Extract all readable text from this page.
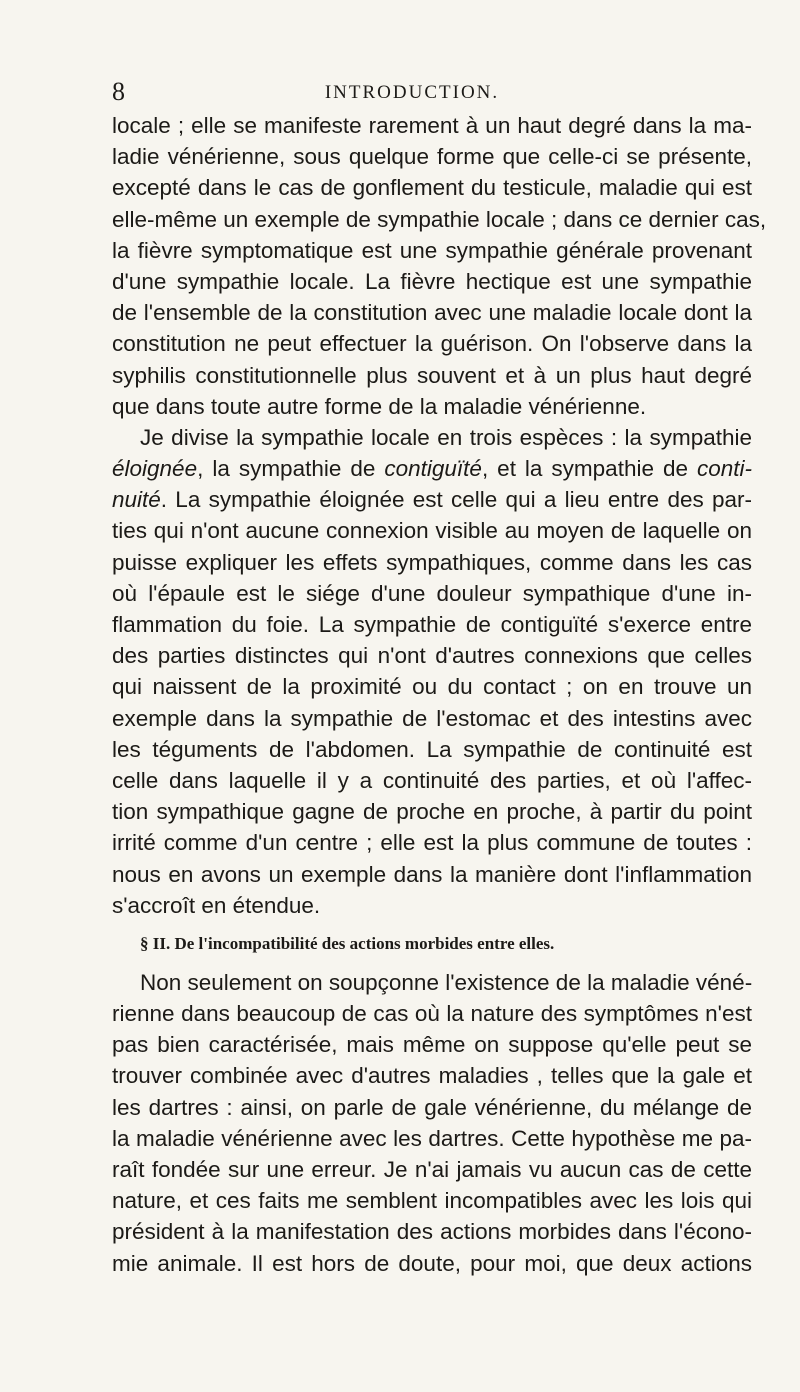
8	INTRODUCTION.
locale ; elle se manifeste rarement à un haut degré dans la ma-
ladie vénérienne, sous quelque forme que celle-ci se présente,
excepté dans le cas de gonflement du testicule, maladie qui est
elle-même un exemple de sympathie locale ; dans ce dernier cas,
la fièvre symptomatique est une sympathie générale provenant
d'une sympathie locale. La fièvre hectique est une sympathie
de l'ensemble de la constitution avec une maladie locale dont la
constitution ne peut effectuer la guérison. On l'observe dans la
syphilis constitutionnelle plus souvent et à un plus haut degré
que dans toute autre forme de la maladie vénérienne.
Je divise la sympathie locale en trois espèces : la sympathie
éloignée, la sympathie de contiguïté, et la sympathie de conti-
nuité. La sympathie éloignée est celle qui a lieu entre des par-
ties qui n'ont aucune connexion visible au moyen de laquelle on
puisse expliquer les effets sympathiques, comme dans les cas
où l'épaule est le siége d'une douleur sympathique d'une in-
flammation du foie. La sympathie de contiguïté s'exerce entre
des parties distinctes qui n'ont d'autres connexions que celles
qui naissent de la proximité ou du contact ; on en trouve un
exemple dans la sympathie de l'estomac et des intestins avec
les téguments de l'abdomen. La sympathie de continuité est
celle dans laquelle il y a continuité des parties, et où l'affec-
tion sympathique gagne de proche en proche, à partir du point
irrité comme d'un centre ; elle est la plus commune de toutes :
nous en avons un exemple dans la manière dont l'inflammation
s'accroît en étendue.
§ II. De l'incompatibilité des actions morbides entre elles.
Non seulement on soupçonne l'existence de la maladie véné-
rienne dans beaucoup de cas où la nature des symptômes n'est
pas bien caractérisée, mais même on suppose qu'elle peut se
trouver combinée avec d'autres maladies , telles que la gale et
les dartres : ainsi, on parle de gale vénérienne, du mélange de
la maladie vénérienne avec les dartres. Cette hypothèse me pa-
raît fondée sur une erreur. Je n'ai jamais vu aucun cas de cette
nature, et ces faits me semblent incompatibles avec les lois qui
président à la manifestation des actions morbides dans l'écono-
mie animale. Il est hors de doute, pour moi, que deux actions
